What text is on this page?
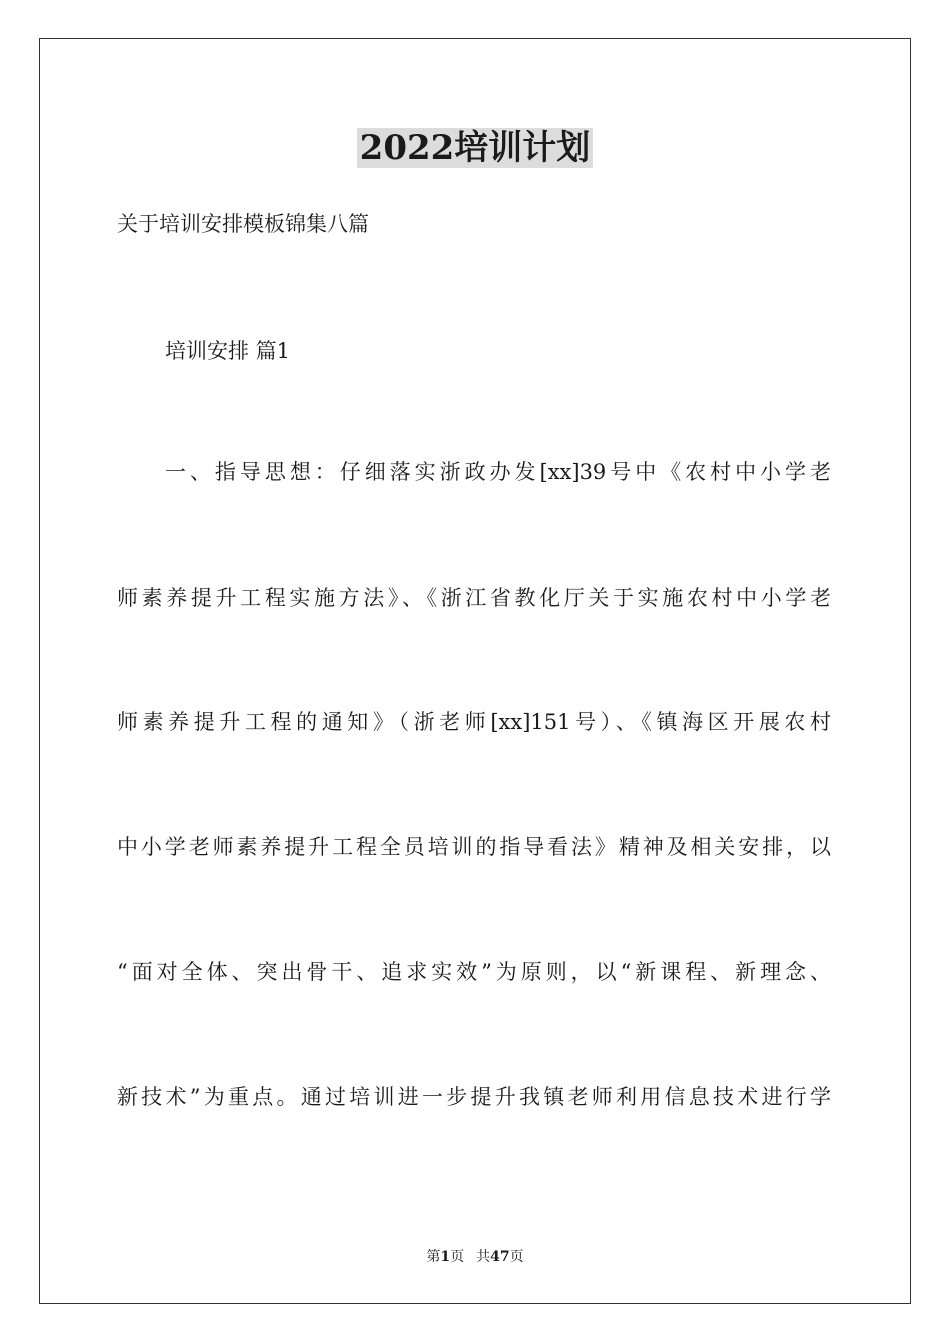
2022培训计划

关于培训安排模板锦集八篇

培训安排 篇1

一、指导思想：仔细落实浙政办发[xx]39号中《农村中小学老

师素养提升工程实施方法》、《浙江省教化厅关于实施农村中小学老

师素养提升工程的通知》（浙老师[xx]151号）、《镇海区开展农村

中小学老师素养提升工程全员培训的指导看法》精神及相关安排，以

“面对全体、突出骨干、追求实效”为原则，以“新课程、新理念、

新技术”为重点。通过培训进一步提升我镇老师利用信息技术进行学

第1页 共47页
